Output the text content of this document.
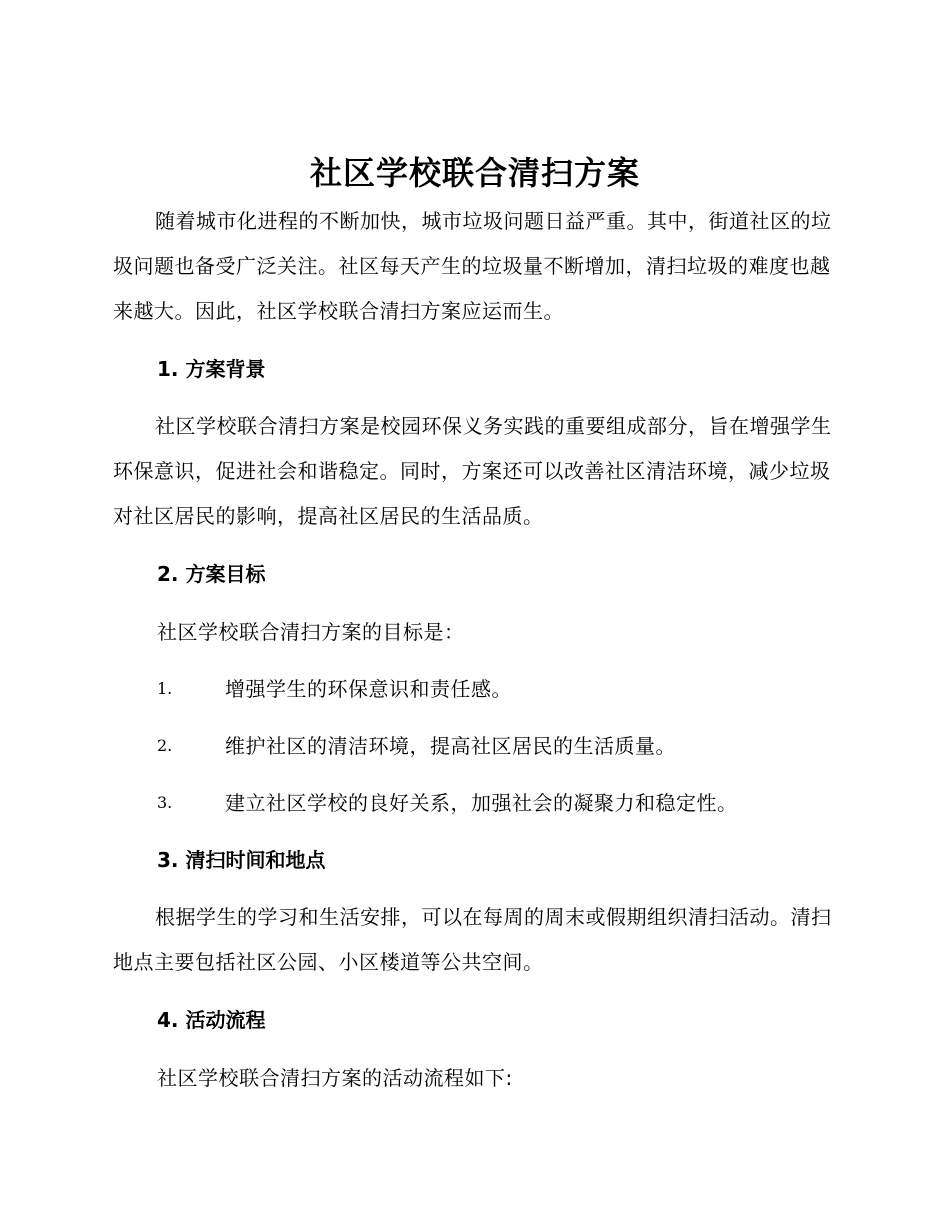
社区学校联合清扫方案

随着城市化进程的不断加快，城市垃圾问题日益严重。其中，街道社区的垃圾问题也备受广泛关注。社区每天产生的垃圾量不断增加，清扫垃圾的难度也越来越大。因此，社区学校联合清扫方案应运而生。

1. 方案背景

社区学校联合清扫方案是校园环保义务实践的重要组成部分，旨在增强学生环保意识，促进社会和谐稳定。同时，方案还可以改善社区清洁环境，减少垃圾对社区居民的影响，提高社区居民的生活品质。

2. 方案目标
社区学校联合清扫方案的目标是：
1.	增强学生的环保意识和责任感。
2.	维护社区的清洁环境，提高社区居民的生活质量。
3.	建立社区学校的良好关系，加强社会的凝聚力和稳定性。
3. 清扫时间和地点

根据学生的学习和生活安排，可以在每周的周末或假期组织清扫活动。清扫地点主要包括社区公园、小区楼道等公共空间。

4. 活动流程
社区学校联合清扫方案的活动流程如下:
